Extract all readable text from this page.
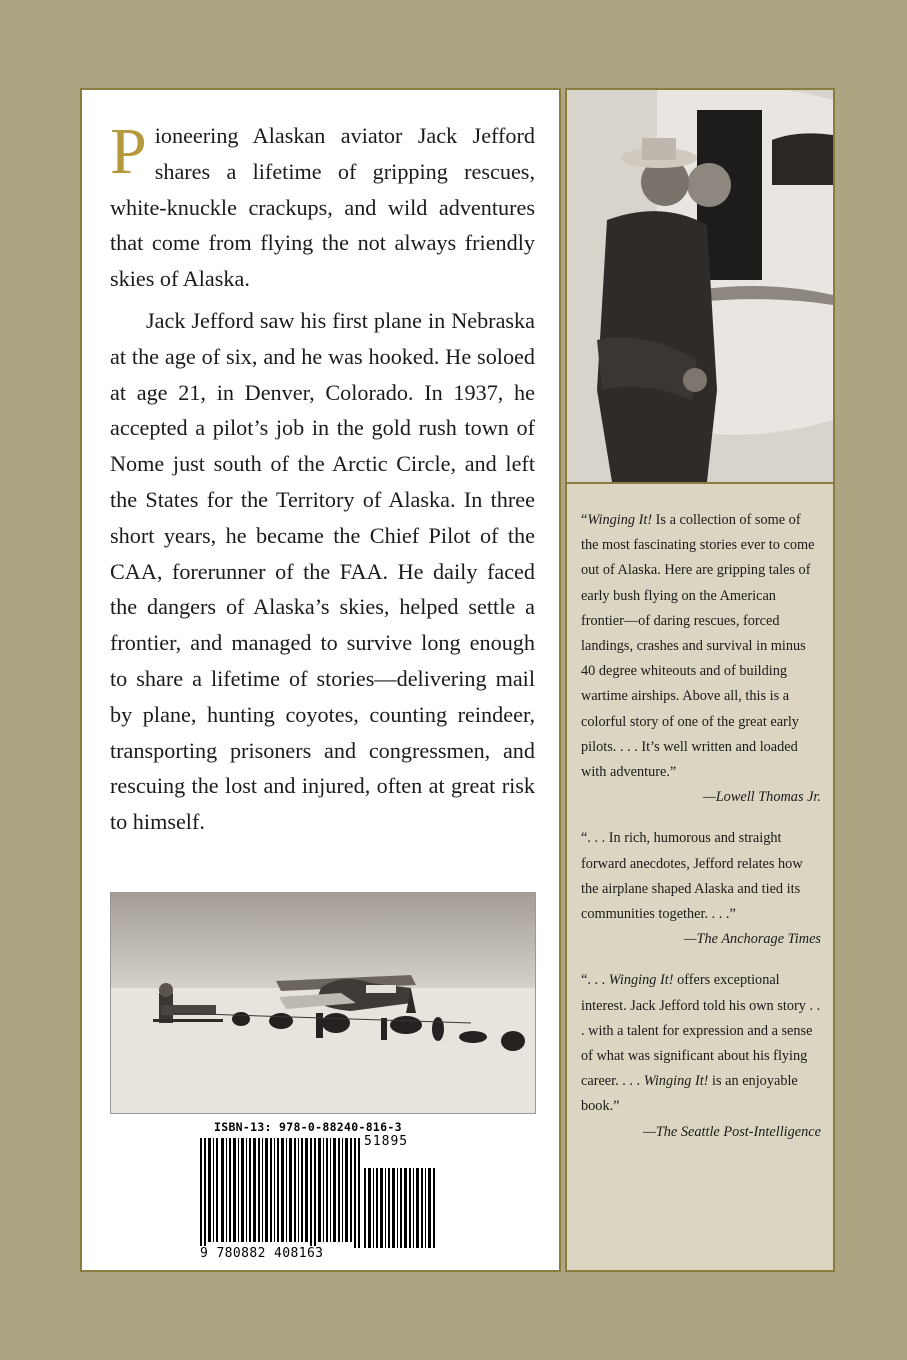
Pioneering Alaskan aviator Jack Jefford shares a lifetime of gripping rescues, white-knuckle crackups, and wild adventures that come from flying the not always friendly skies of Alaska.

Jack Jefford saw his first plane in Nebraska at the age of six, and he was hooked. He soloed at age 21, in Denver, Colorado. In 1937, he accepted a pilot’s job in the gold rush town of Nome just south of the Arctic Circle, and left the States for the Territory of Alaska. In three short years, he became the Chief Pilot of the CAA, forerunner of the FAA. He daily faced the dangers of Alaska’s skies, helped settle a frontier, and managed to survive long enough to share a lifetime of stories—delivering mail by plane, hunting coyotes, counting reindeer, transporting prisoners and congressmen, and rescuing the lost and injured, often at great risk to himself.

ISBN-13: 978-0-88240-816-3
51895
9 780882 408163

“Winging It! Is a collection of some of the most fascinating stories ever to come out of Alaska. Here are gripping tales of early bush flying on the American frontier—of daring rescues, forced landings, crashes and survival in minus 40 degree whiteouts and of building wartime airships. Above all, this is a colorful story of one of the great early pilots. . . . It’s well written and loaded with adventure.”

—Lowell Thomas Jr.

“. . . In rich, humorous and straight forward anecdotes, Jefford relates how the airplane shaped Alaska and tied its communities together. . . .”

—The Anchorage Times

“. . . Winging It! offers exceptional interest. Jack Jefford told his own story . . . with a talent for expression and a sense of what was significant about his flying career. . . . Winging It! is an enjoyable book.”

—The Seattle Post-Intelligence
